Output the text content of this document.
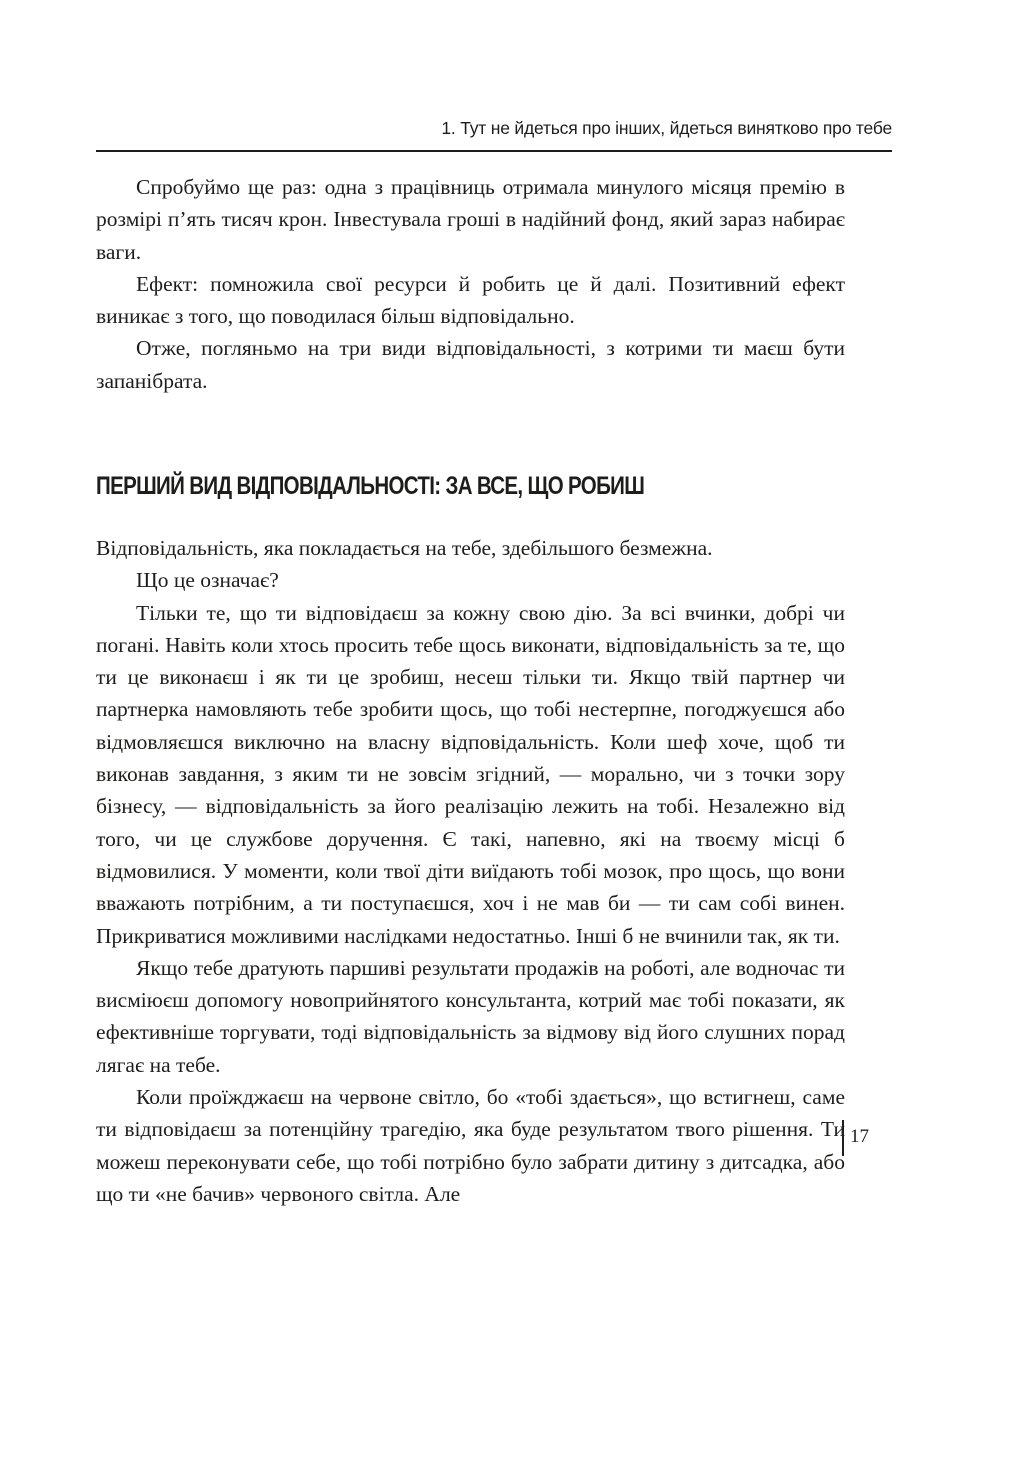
1. Тут не йдеться про інших, йдеться винятково про тебе

Спробуймо ще раз: одна з працівниць отримала минулого місяця премію в розмірі п’ять тисяч крон. Інвестувала гроші в надійний фонд, який зараз набирає ваги.

Ефект: помножила свої ресурси й робить це й далі. Позитивний ефект виникає з того, що поводилася більш відповідально.

Отже, погляньмо на три види відповідальності, з котрими ти маєш бути запанібрата.

ПЕРШИЙ ВИД ВІДПОВІДАЛЬНОСТІ: ЗА ВСЕ, ЩО РОБИШ

Відповідальність, яка покладається на тебе, здебільшого безмежна.

Що це означає?

Тільки те, що ти відповідаєш за кожну свою дію. За всі вчинки, добрі чи погані. Навіть коли хтось просить тебе щось виконати, відповідальність за те, що ти це виконаєш і як ти це зробиш, несеш тільки ти. Якщо твій партнер чи партнерка намовляють тебе зробити щось, що тобі нестерпне, погоджуєшся або відмовляєшся виключно на власну відповідальність. Коли шеф хоче, щоб ти виконав завдання, з яким ти не зовсім згідний, — морально, чи з точки зору бізнесу, — відповідальність за його реалізацію лежить на тобі. Незалежно від того, чи це службове доручення. Є такі, напевно, які на твоєму місці б відмовилися. У моменти, коли твої діти виїдають тобі мозок, про щось, що вони вважають потрібним, а ти поступаєшся, хоч і не мав би — ти сам собі винен. Прикриватися можливими наслідками недостатньо. Інші б не вчинили так, як ти.

Якщо тебе дратують паршиві результати продажів на роботі, але водночас ти висміюєш допомогу новоприйнятого консультанта, котрий має тобі показати, як ефективніше торгувати, тоді відповідальність за відмову від його слушних порад лягає на тебе.

Коли проїжджаєш на червоне світло, бо «тобі здається», що встигнеш, саме ти відповідаєш за потенційну трагедію, яка буде результатом твого рішення. Ти можеш переконувати себе, що тобі потрібно було забрати дитину з дитсадка, або що ти «не бачив» червоного світла. Але

17
